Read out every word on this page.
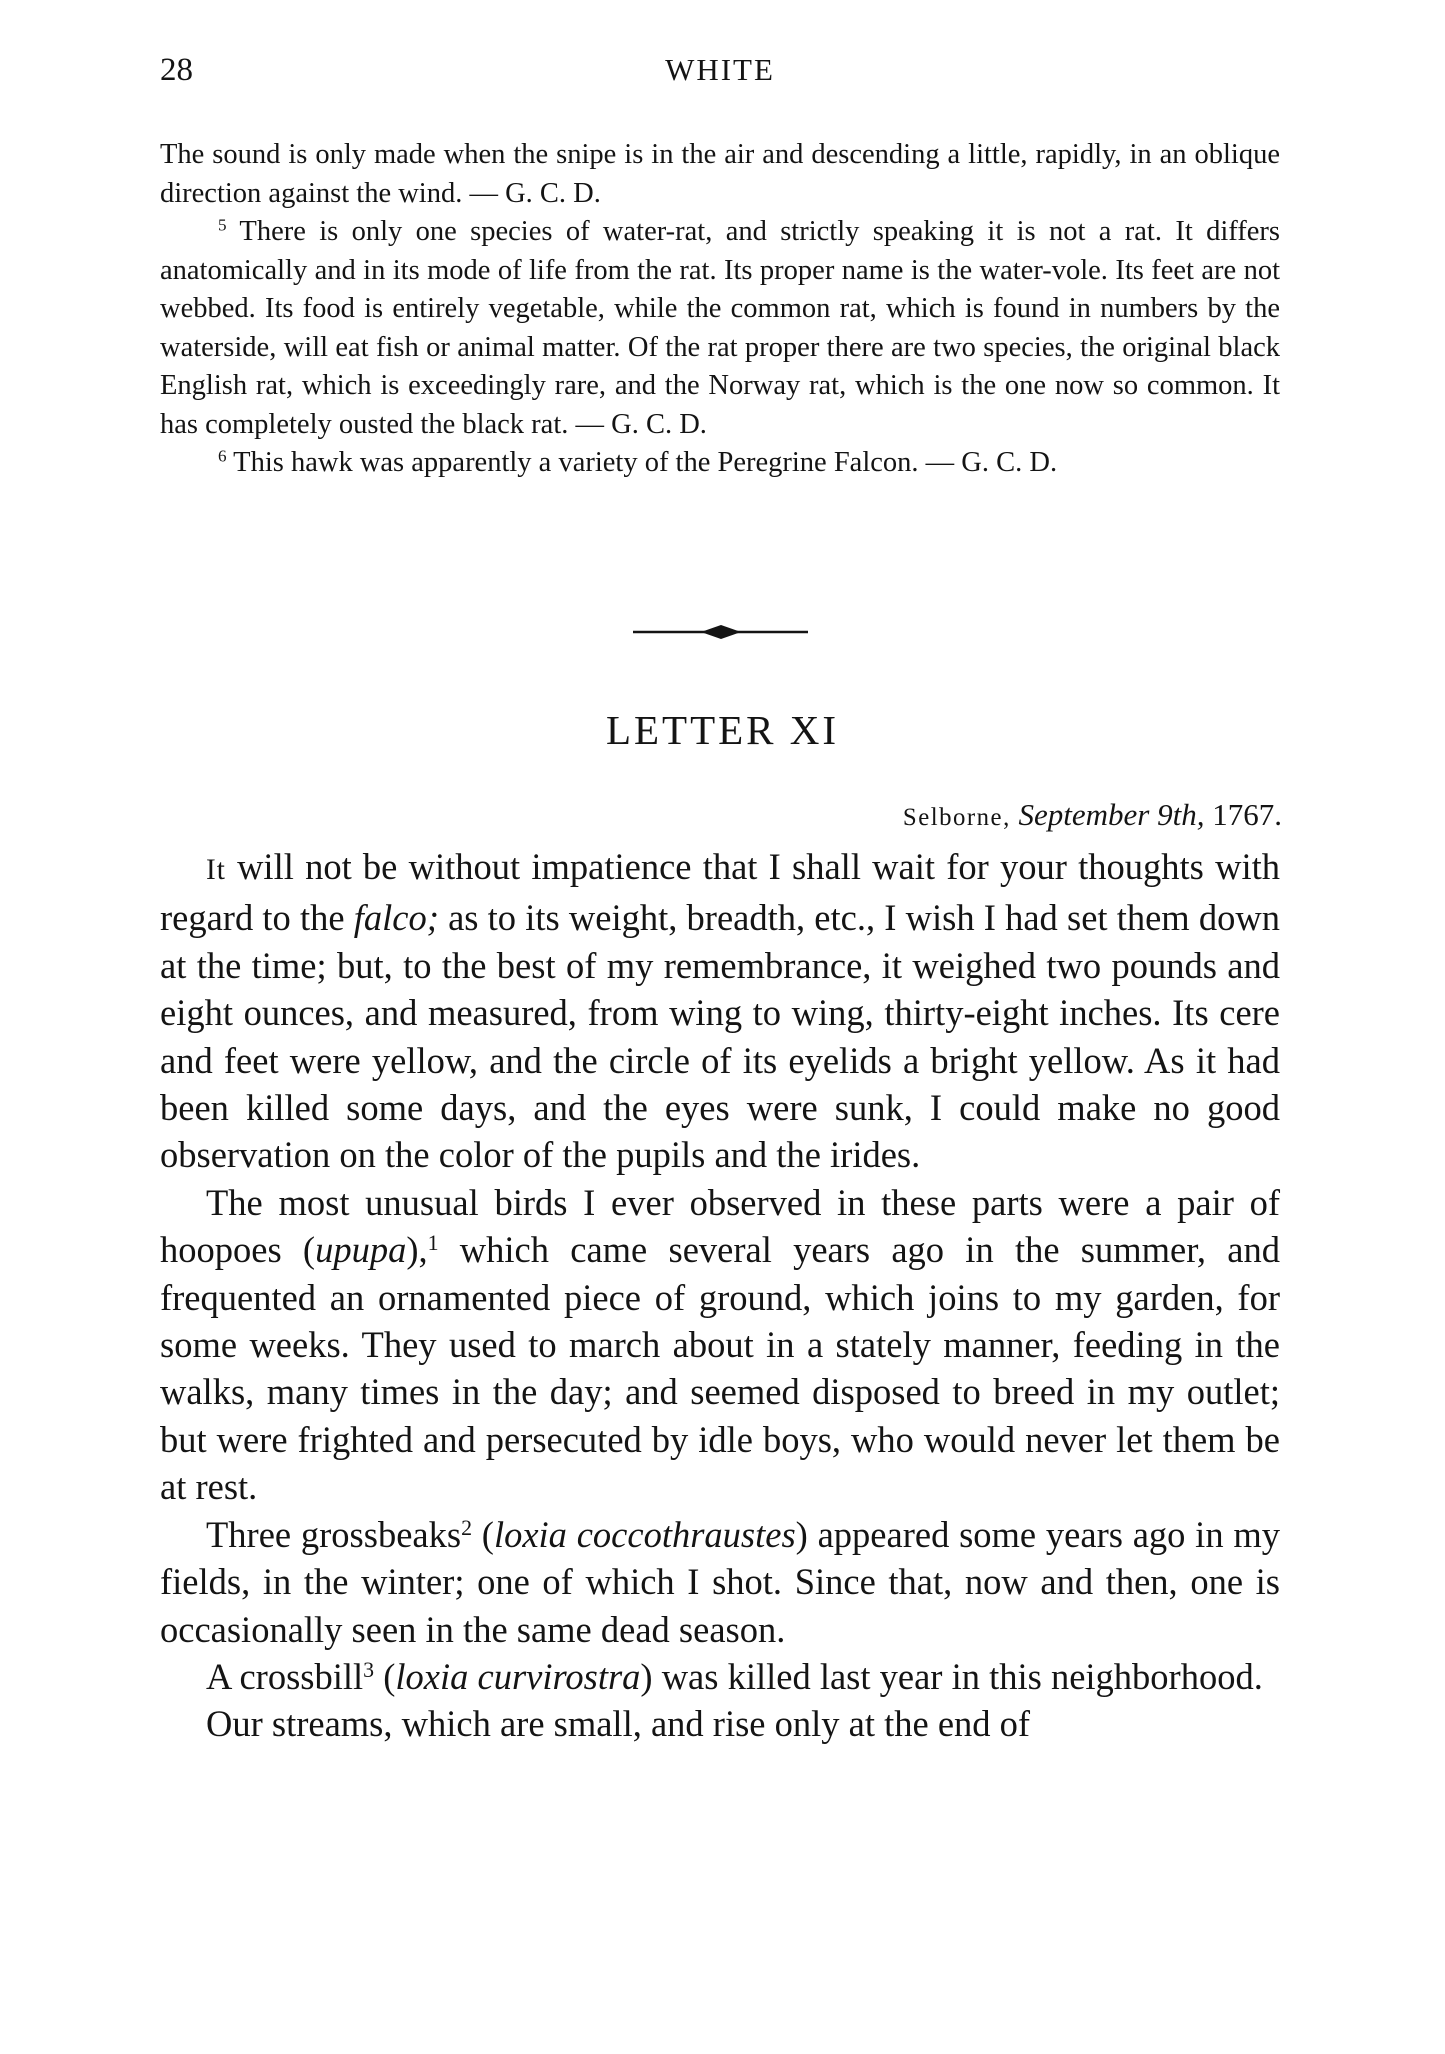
28	WHITE

The sound is only made when the snipe is in the air and descending a little, rapidly, in an oblique direction against the wind. — G. C. D.

$^5$ There is only one species of water-rat, and strictly speaking it is not a rat. It differs anatomically and in its mode of life from the rat. Its proper name is the water-vole. Its feet are not webbed. Its food is entirely vegetable, while the common rat, which is found in numbers by the waterside, will eat fish or animal matter. Of the rat proper there are two species, the original black English rat, which is exceedingly rare, and the Norway rat, which is the one now so common. It has completely ousted the black rat. — G. C. D.

$^6$ This hawk was apparently a variety of the Peregrine Falcon. — G. C. D.

LETTER XI
Selborne, September 9th, 1767.

It will not be without impatience that I shall wait for your thoughts with regard to the falco; as to its weight, breadth, etc., I wish I had set them down at the time; but, to the best of my remembrance, it weighed two pounds and eight ounces, and measured, from wing to wing, thirty-eight inches. Its cere and feet were yellow, and the circle of its eyelids a bright yellow. As it had been killed some days, and the eyes were sunk, I could make no good observation on the color of the pupils and the irides.

The most unusual birds I ever observed in these parts were a pair of hoopoes (upupa),$^1$ which came several years ago in the summer, and frequented an ornamented piece of ground, which joins to my garden, for some weeks. They used to march about in a stately manner, feeding in the walks, many times in the day; and seemed disposed to breed in my outlet; but were frighted and persecuted by idle boys, who would never let them be at rest.

Three grossbeaks$^2$ (loxia coccothraustes) appeared some years ago in my fields, in the winter; one of which I shot. Since that, now and then, one is occasionally seen in the same dead season.

A crossbill$^3$ (loxia curvirostra) was killed last year in this neighborhood.

Our streams, which are small, and rise only at the end of
